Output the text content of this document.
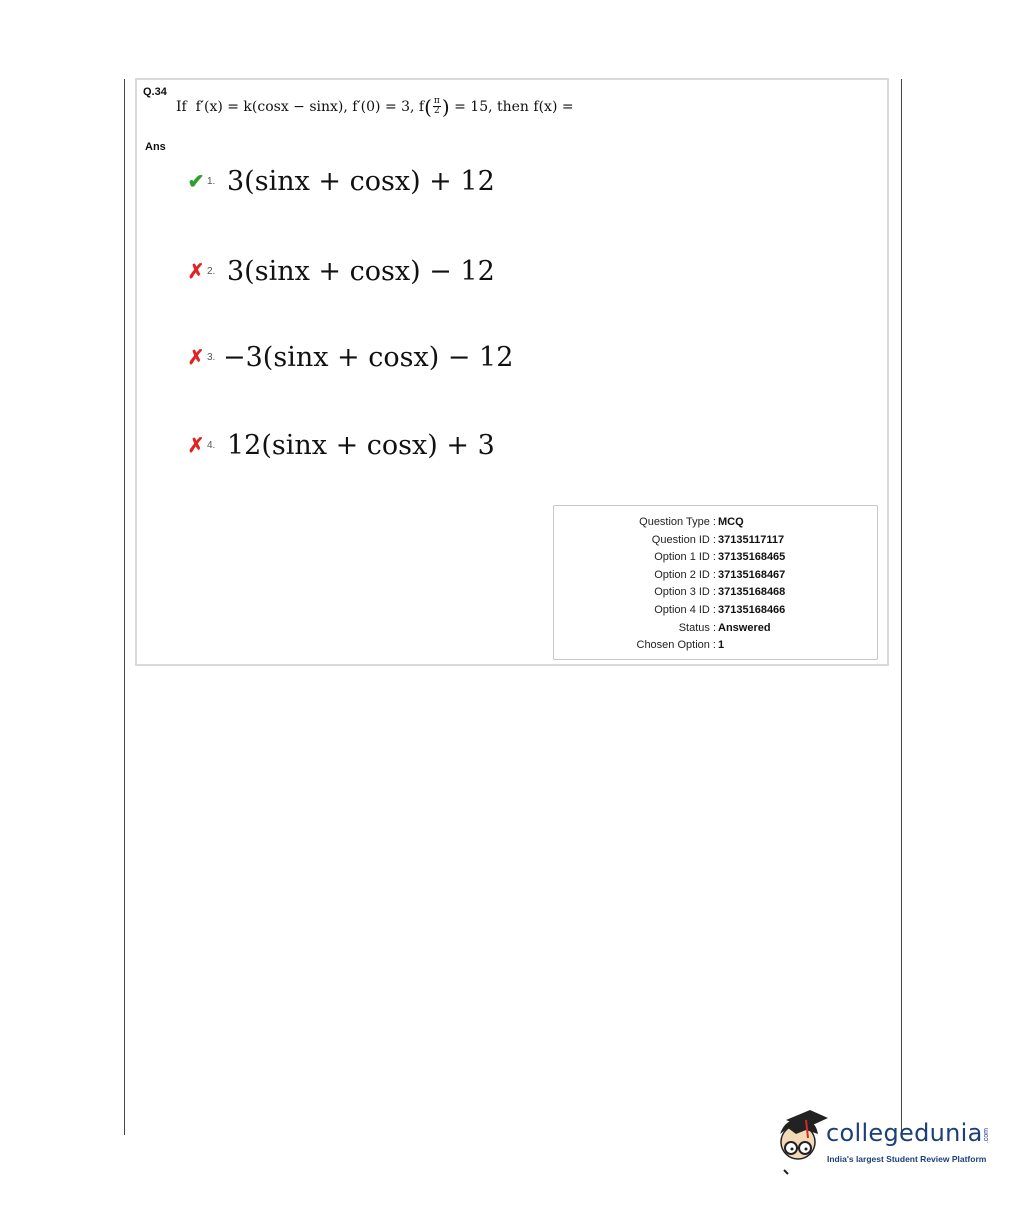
Q.34
If
f′(x) = k(cosx − sinx), f′(0) = 3, f ( $\frac{\pi}{2}$ )
= 15, then f(x) =
Ans
✔ 1. 3(sinx + cosx) + 12
✗ 2. 3(sinx + cosx) − 12
✗ 3. −3(sinx + cosx) − 12
✗ 4. 12(sinx + cosx) + 3
Question Type : MCQ
Question ID : 37135117117
Option 1 ID : 37135168465
Option 2 ID : 37135168467
Option 3 ID : 37135168468
Option 4 ID : 37135168466
Status : Answered
Chosen Option : 1
collegedunia .com
India's largest Student Review Platform
